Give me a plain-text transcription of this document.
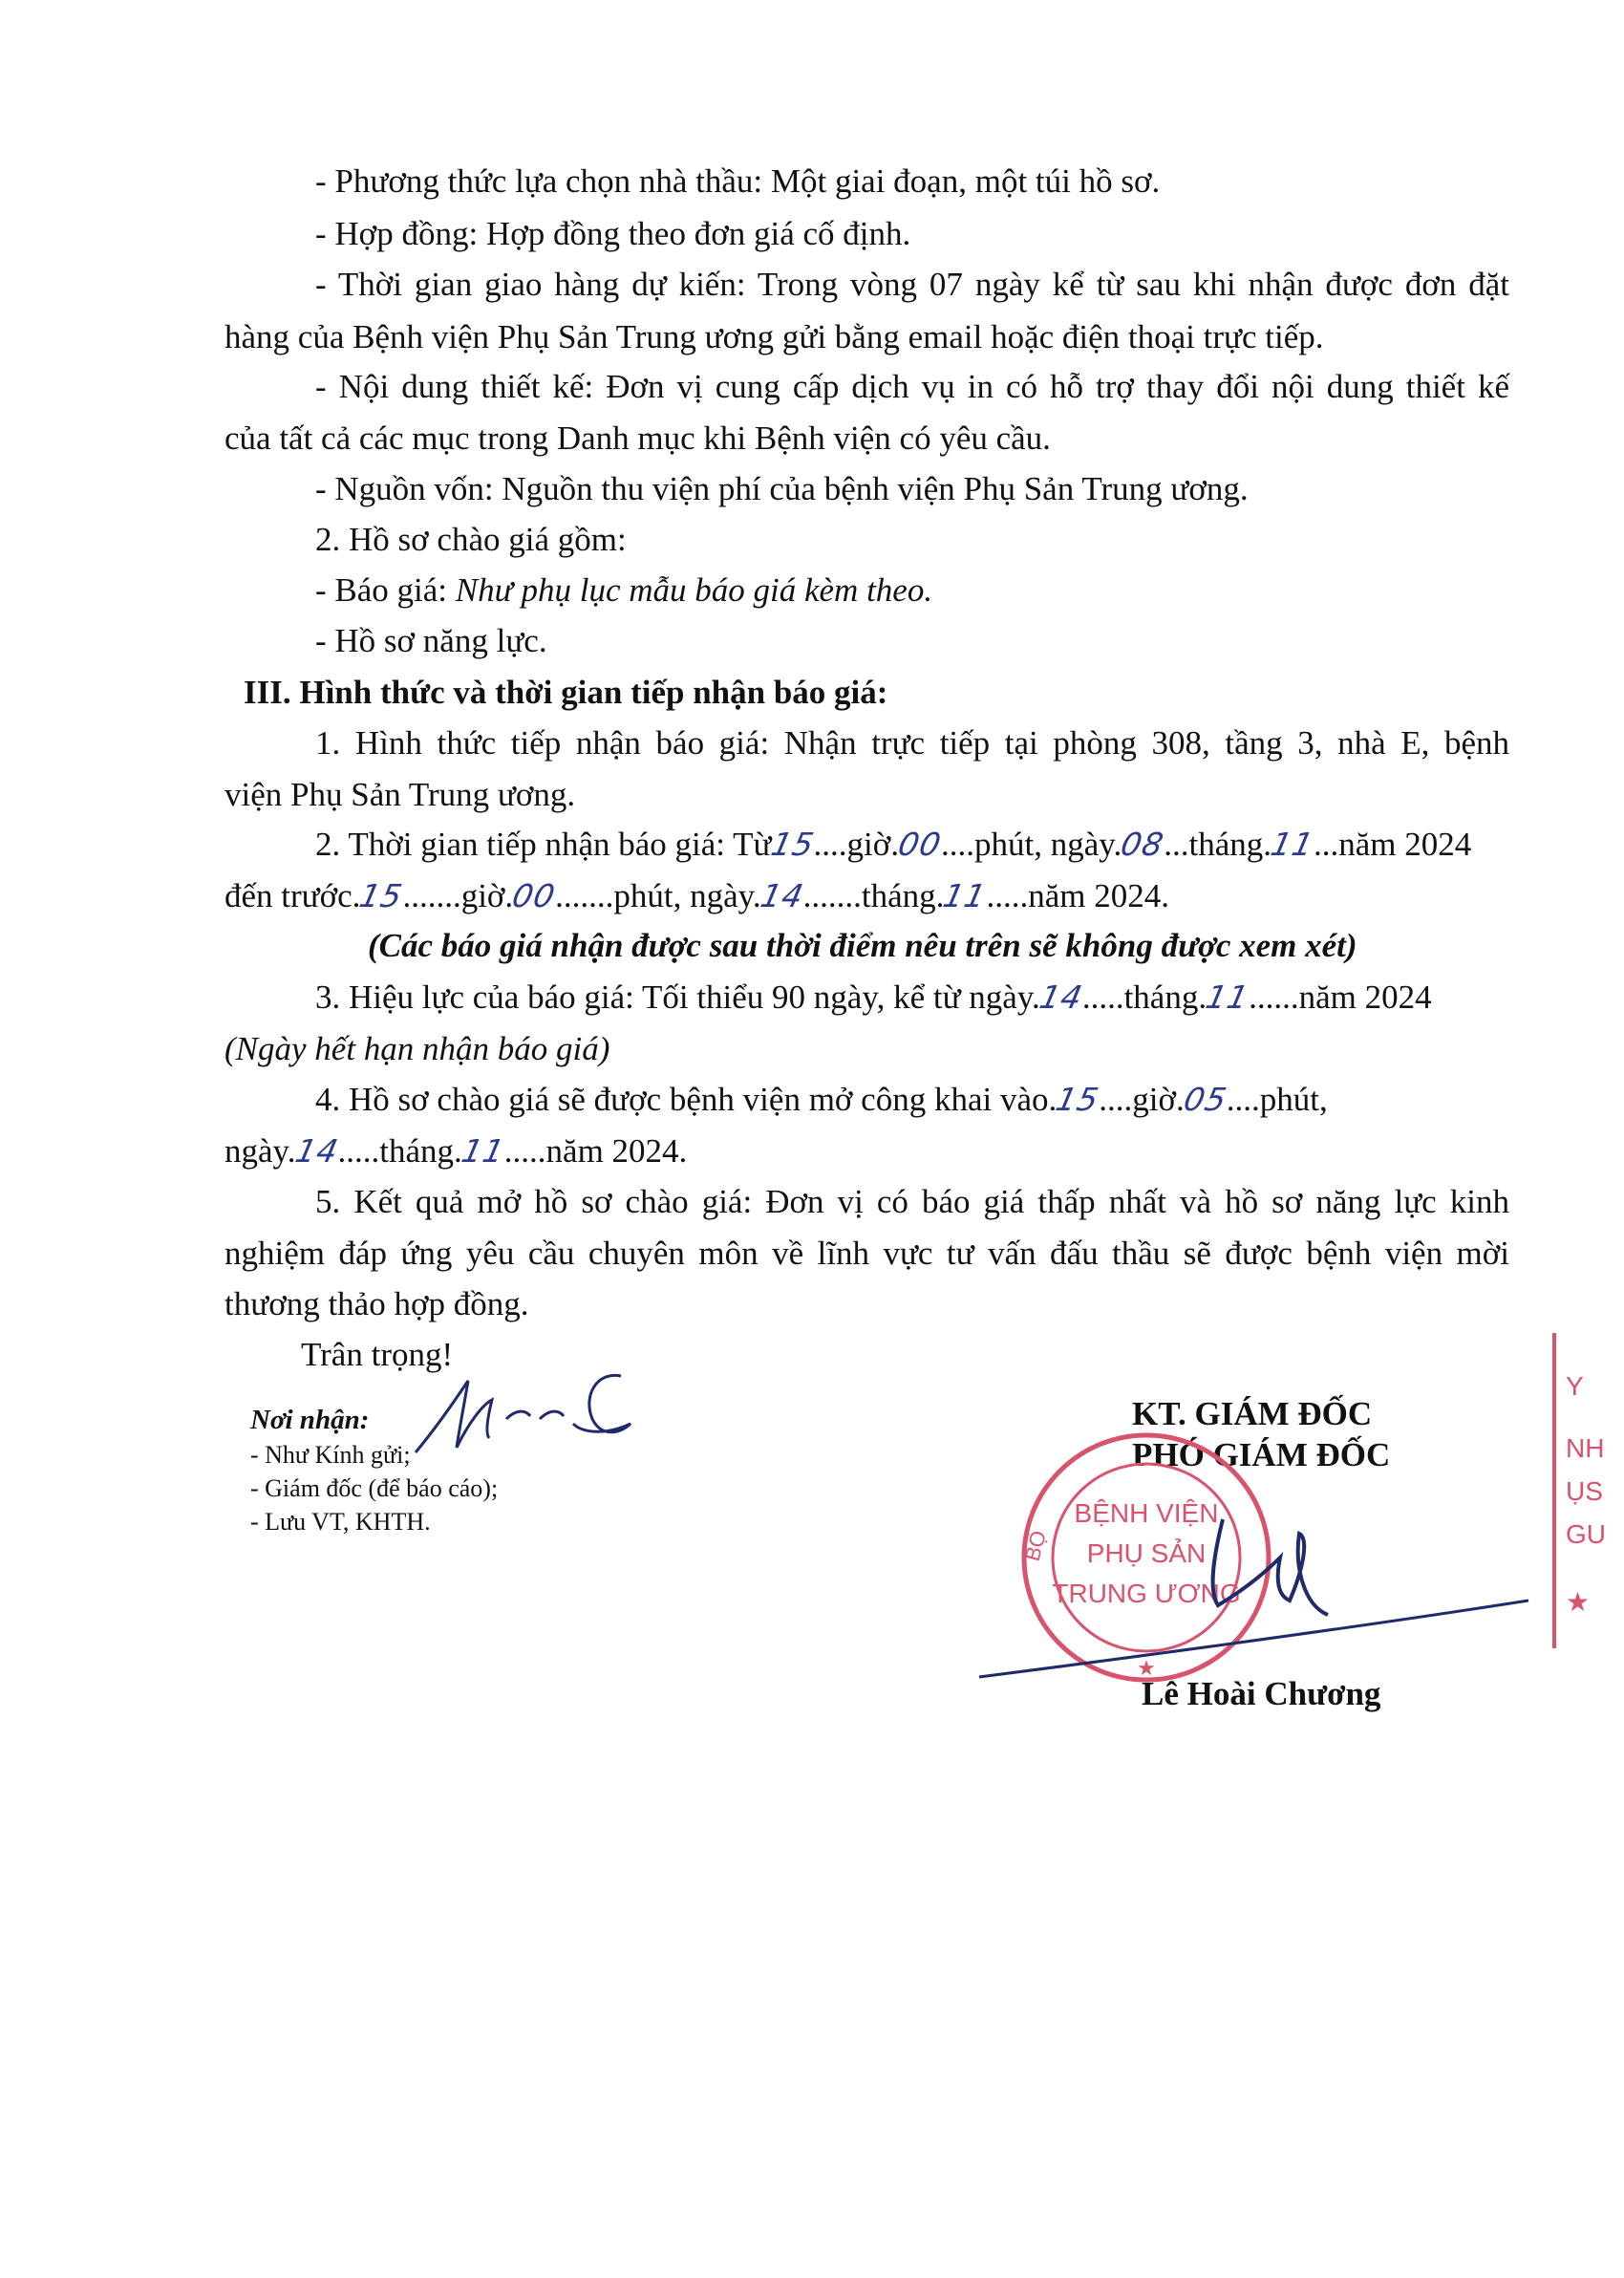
- Phương thức lựa chọn nhà thầu: Một giai đoạn, một túi hồ sơ.
- Hợp đồng: Hợp đồng theo đơn giá cố định.
- Thời gian giao hàng dự kiến: Trong vòng 07 ngày kể từ sau khi nhận được đơn đặt
hàng của Bệnh viện Phụ Sản Trung ương gửi bằng email hoặc điện thoại trực tiếp.
- Nội dung thiết kế: Đơn vị cung cấp dịch vụ in có hỗ trợ thay đổi nội dung thiết kế
của tất cả các mục trong Danh mục khi Bệnh viện có yêu cầu.
- Nguồn vốn: Nguồn thu viện phí của bệnh viện Phụ Sản Trung ương.
2. Hồ sơ chào giá gồm:
- Báo giá: Như phụ lục mẫu báo giá kèm theo.
- Hồ sơ năng lực.
III. Hình thức và thời gian tiếp nhận báo giá:
1. Hình thức tiếp nhận báo giá: Nhận trực tiếp tại phòng 308, tầng 3, nhà E, bệnh
viện Phụ Sản Trung ương.
2. Thời gian tiếp nhận báo giá: Từ15....giờ.00....phút, ngày.08...tháng.11...năm 2024
đến trước.15.......giờ.00.......phút, ngày.14.......tháng.11.....năm 2024.
(Các báo giá nhận được sau thời điểm nêu trên sẽ không được xem xét)
3. Hiệu lực của báo giá: Tối thiểu 90 ngày, kể từ ngày.14.....tháng.11......năm 2024
(Ngày hết hạn nhận báo giá)
4. Hồ sơ chào giá sẽ được bệnh viện mở công khai vào.15....giờ.05....phút,
ngày.14.....tháng.11.....năm 2024.
5. Kết quả mở hồ sơ chào giá: Đơn vị có báo giá thấp nhất và hồ sơ năng lực kinh
nghiệm đáp ứng yêu cầu chuyên môn về lĩnh vực tư vấn đấu thầu sẽ được bệnh viện mời
thương thảo hợp đồng.
Trân trọng!
Nơi nhận:
- Như Kính gửi;
- Giám đốc (để báo cáo);
- Lưu VT, KHTH.
KT. GIÁM ĐỐC
PHÓ GIÁM ĐỐC
BỆNH VIỆN
PHỤ SẢN
TRUNG ƯƠNG
BỘ
★
Lê Hoài Chương
Y
NH
ỤS
GU
★
